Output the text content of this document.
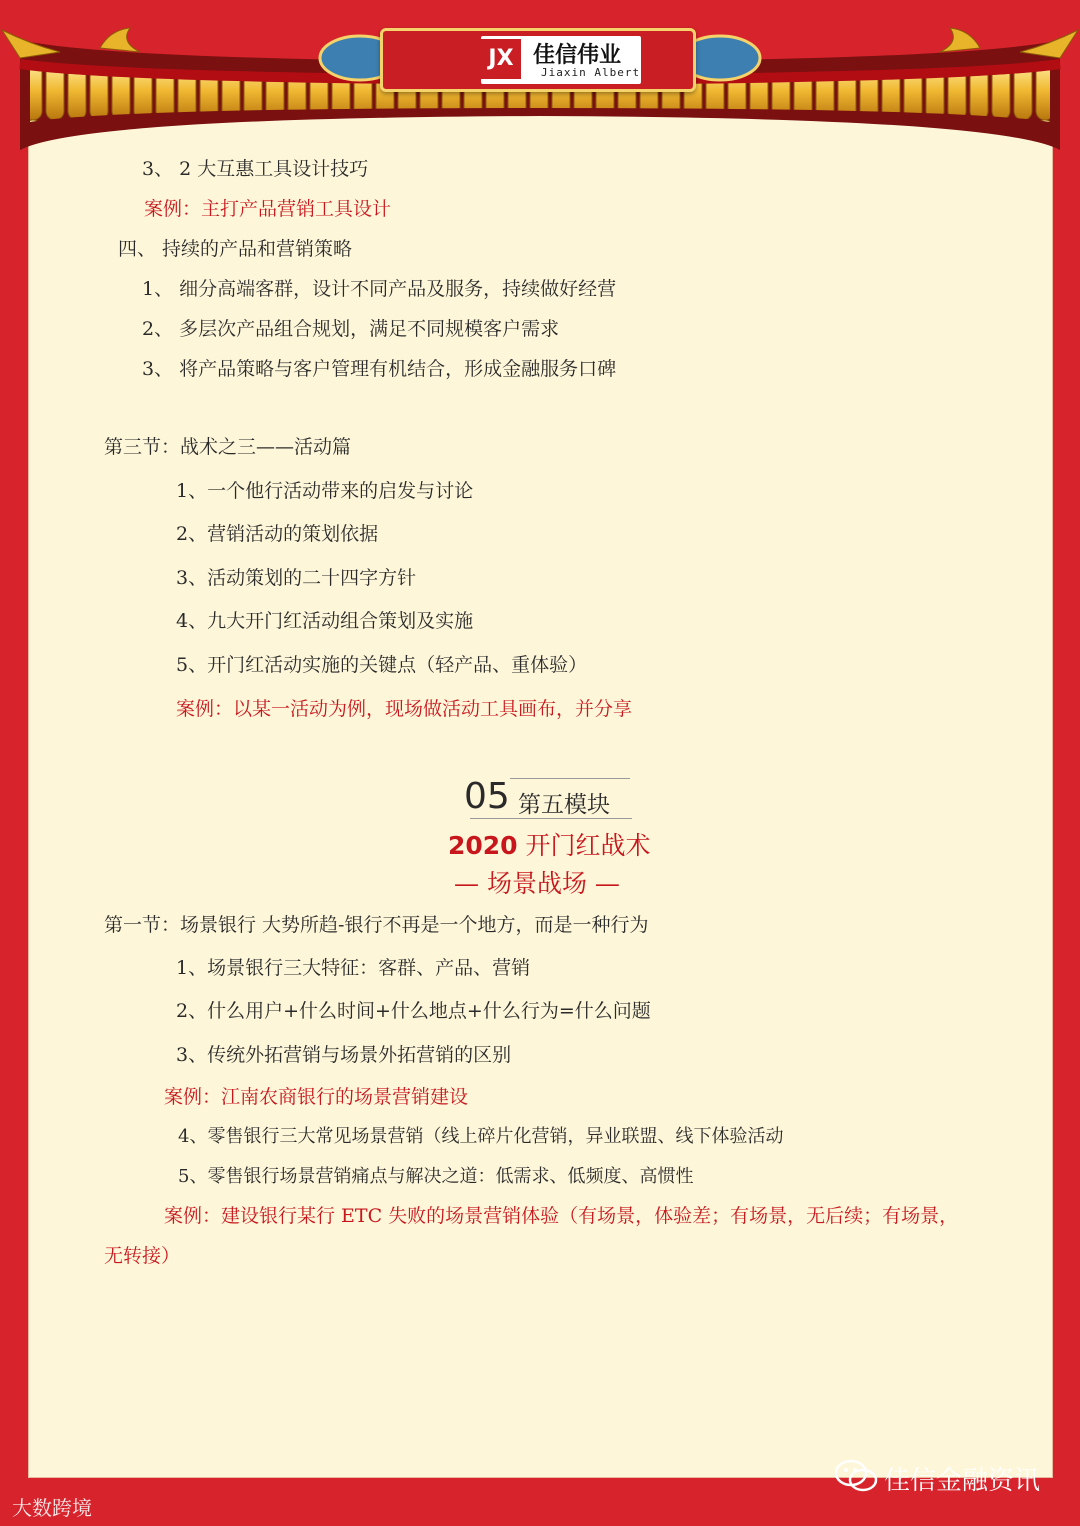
JX 佳信伟业
Jiaxin Albert
3、 2 大互惠工具设计技巧
案例：主打产品营销工具设计
四、 持续的产品和营销策略
1、 细分高端客群，设计不同产品及服务，持续做好经营
2、 多层次产品组合规划，满足不同规模客户需求
3、 将产品策略与客户管理有机结合，形成金融服务口碑
第三节：战术之三——活动篇
1、一个他行活动带来的启发与讨论
2、营销活动的策划依据
3、活动策划的二十四字方针
4、九大开门红活动组合策划及实施
5、开门红活动实施的关键点（轻产品、重体验）
案例：以某一活动为例，现场做活动工具画布，并分享
05 第五模块
2020 开门红战术
— 场景战场 —
第一节：场景银行 大势所趋-银行不再是一个地方，而是一种行为
1、场景银行三大特征：客群、产品、营销
2、什么用户+什么时间+什么地点+什么行为=什么问题
3、传统外拓营销与场景外拓营销的区别
案例：江南农商银行的场景营销建设
4、零售银行三大常见场景营销（线上碎片化营销，异业联盟、线下体验活动
5、零售银行场景营销痛点与解决之道：低需求、低频度、高惯性
案例：建设银行某行 ETC 失败的场景营销体验（有场景，体验差；有场景，无后续；有场景，
无转接）
大数跨境
佳信金融资讯
